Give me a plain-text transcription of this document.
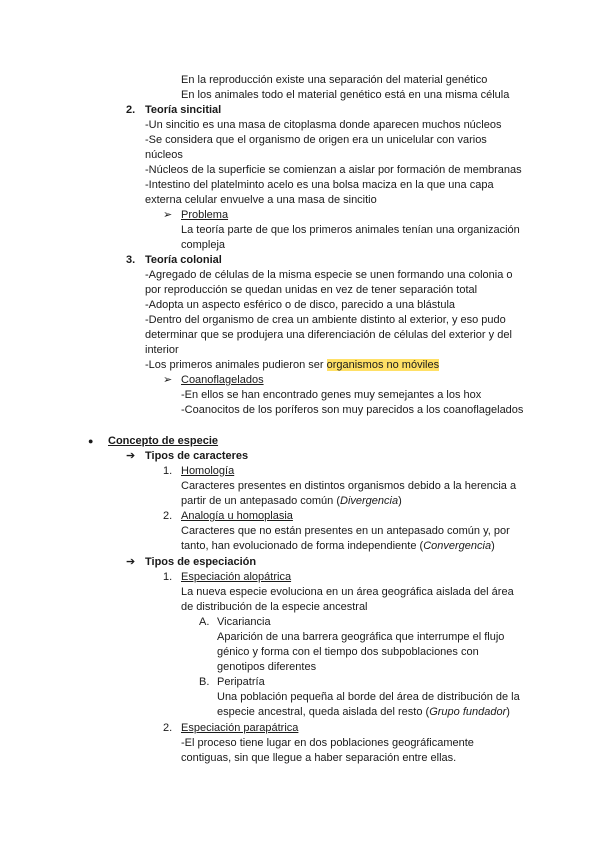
En la reproducción existe una separación del material genético
En los animales todo el material genético está en una misma célula
2. Teoría sincitial
-Un sincitio es una masa de citoplasma donde aparecen muchos núcleos
-Se considera que el organismo de origen era un unicelular con varios
núcleos
-Núcleos de la superficie se comienzan a aislar por formación de membranas
-Intestino del platelminto acelo es una bolsa maciza en la que una capa
externa celular envuelve a una masa de sincitio
➢ Problema
La teoría parte de que los primeros animales tenían una organización
compleja
3. Teoría colonial
-Agregado de células de la misma especie se unen formando una colonia o
por reproducción se quedan unidas en vez de tener separación total
-Adopta un aspecto esférico o de disco, parecido a una blástula
-Dentro del organismo de crea un ambiente distinto al exterior, y eso pudo
determinar que se produjera una diferenciación de células del exterior y del
interior
-Los primeros animales pudieron ser organismos no móviles
➢ Coanoflagelados
-En ellos se han encontrado genes muy semejantes a los hox
-Coanocitos de los poríferos son muy parecidos a los coanoflagelados
● Concepto de especie
➔ Tipos de caracteres
1. Homología
Caracteres presentes en distintos organismos debido a la herencia a
partir de un antepasado común (Divergencia)
2. Analogía u homoplasia
Caracteres que no están presentes en un antepasado común y, por
tanto, han evolucionado de forma independiente (Convergencia)
➔ Tipos de especiación
1. Especiación alopátrica
La nueva especie evoluciona en un área geográfica aislada del área
de distribución de la especie ancestral
A. Vicariancia
Aparición de una barrera geográfica que interrumpe el flujo
génico y forma con el tiempo dos subpoblaciones con
genotipos diferentes
B. Peripatría
Una población pequeña al borde del área de distribución de la
especie ancestral, queda aislada del resto (Grupo fundador)
2. Especiación parapátrica
-El proceso tiene lugar en dos poblaciones geográficamente
contiguas, sin que llegue a haber separación entre ellas.
